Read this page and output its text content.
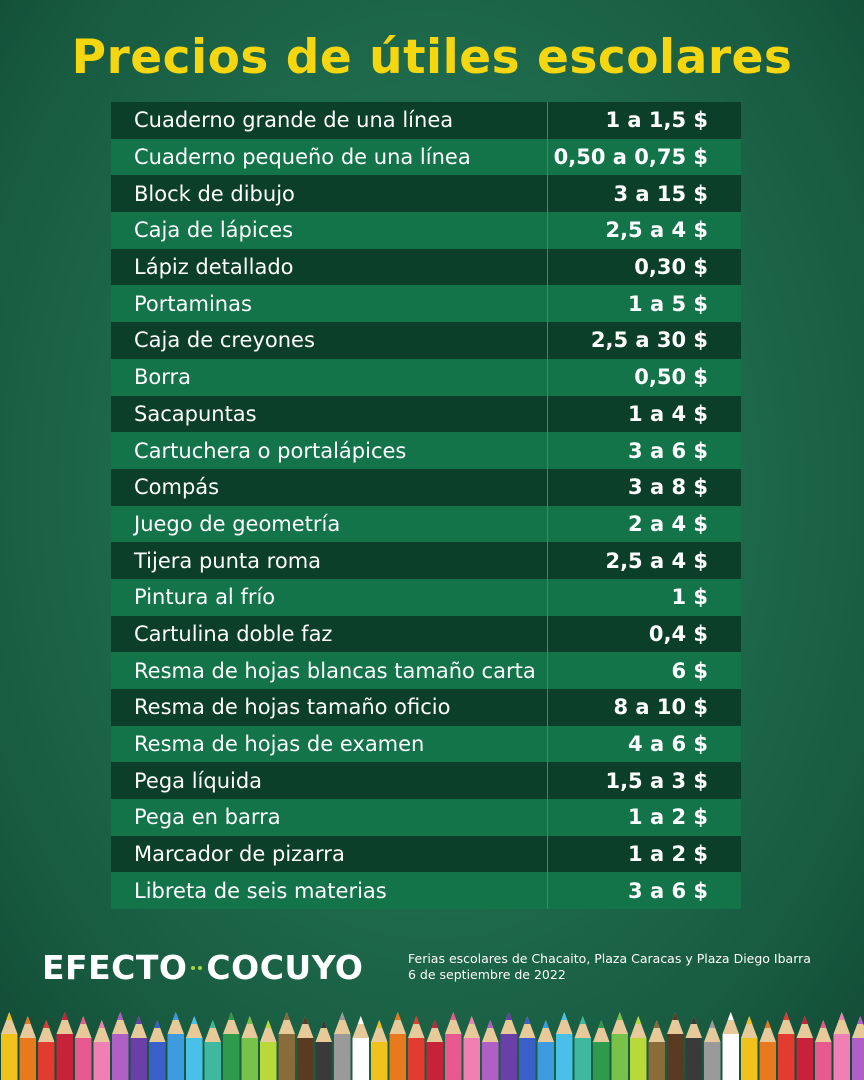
Precios de útiles escolares
Cuaderno grande de una línea	1 a 1,5 $
Cuaderno pequeño de una línea	0,50 a 0,75 $
Block de dibujo	3 a 15 $
Caja de lápices	2,5 a 4 $
Lápiz detallado	0,30 $
Portaminas	1 a 5 $
Caja de creyones	2,5 a 30 $
Borra	0,50 $
Sacapuntas	1 a 4 $
Cartuchera o portalápices	3 a 6 $
Compás	3 a 8 $
Juego de geometría	2 a 4 $
Tijera punta roma	2,5 a 4 $
Pintura al frío	1 $
Cartulina doble faz	0,4 $
Resma de hojas blancas tamaño carta	6 $
Resma de hojas tamaño oficio	8 a 10 $
Resma de hojas de examen	4 a 6 $
Pega líquida	1,5 a 3 $
Pega en barra	1 a 2 $
Marcador de pizarra	1 a 2 $
Libreta de seis materias	3 a 6 $
EFECTO COCUYO	Ferias escolares de Chacaito, Plaza Caracas y Plaza Diego Ibarra
6 de septiembre de 2022
